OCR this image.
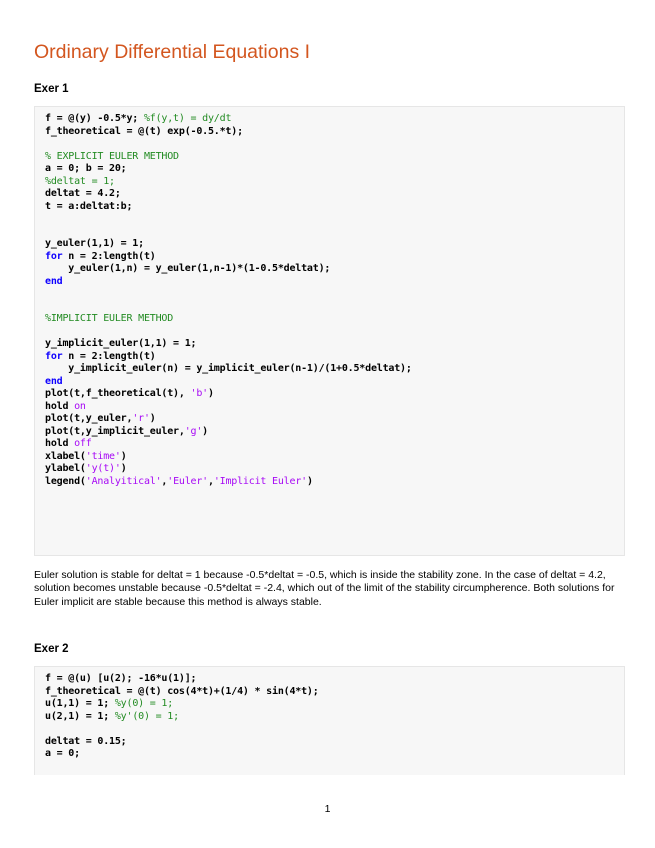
Ordinary Differential Equations I
Exer 1
f = @(y) -0.5*y; %f(y,t) = dy/dt
f_theoretical = @(t) exp(-0.5.*t);
% EXPLICIT EULER METHOD
a = 0; b = 20;
%deltat = 1;
deltat = 4.2;
t = a:deltat:b;
y_euler(1,1) = 1;
for n = 2:length(t)
y_euler(1,n) = y_euler(1,n-1)*(1-0.5*deltat);
end
%IMPLICIT EULER METHOD
y_implicit_euler(1,1) = 1;
for n = 2:length(t)
y_implicit_euler(n) = y_implicit_euler(n-1)/(1+0.5*deltat);
end
plot(t,f_theoretical(t), 'b')
hold on
plot(t,y_euler,'r')
plot(t,y_implicit_euler,'g')
hold off
xlabel('time')
ylabel('y(t)')
legend('Analyitical','Euler','Implicit Euler')

Euler solution is stable for deltat = 1 because -0.5*deltat = -0.5, which is inside the stability zone. In the case of deltat = 4.2, solution becomes unstable because -0.5*deltat = -2.4, which out of the limit of the stability circumpherence. Both solutions for Euler implicit are stable because this method is always stable.

Exer 2
f = @(u) [u(2); -16*u(1)];
f_theoretical = @(t) cos(4*t)+(1/4) * sin(4*t);
u(1,1) = 1; %y(0) = 1;
u(2,1) = 1; %y'(0) = 1;
deltat = 0.15;
a = 0;
1
